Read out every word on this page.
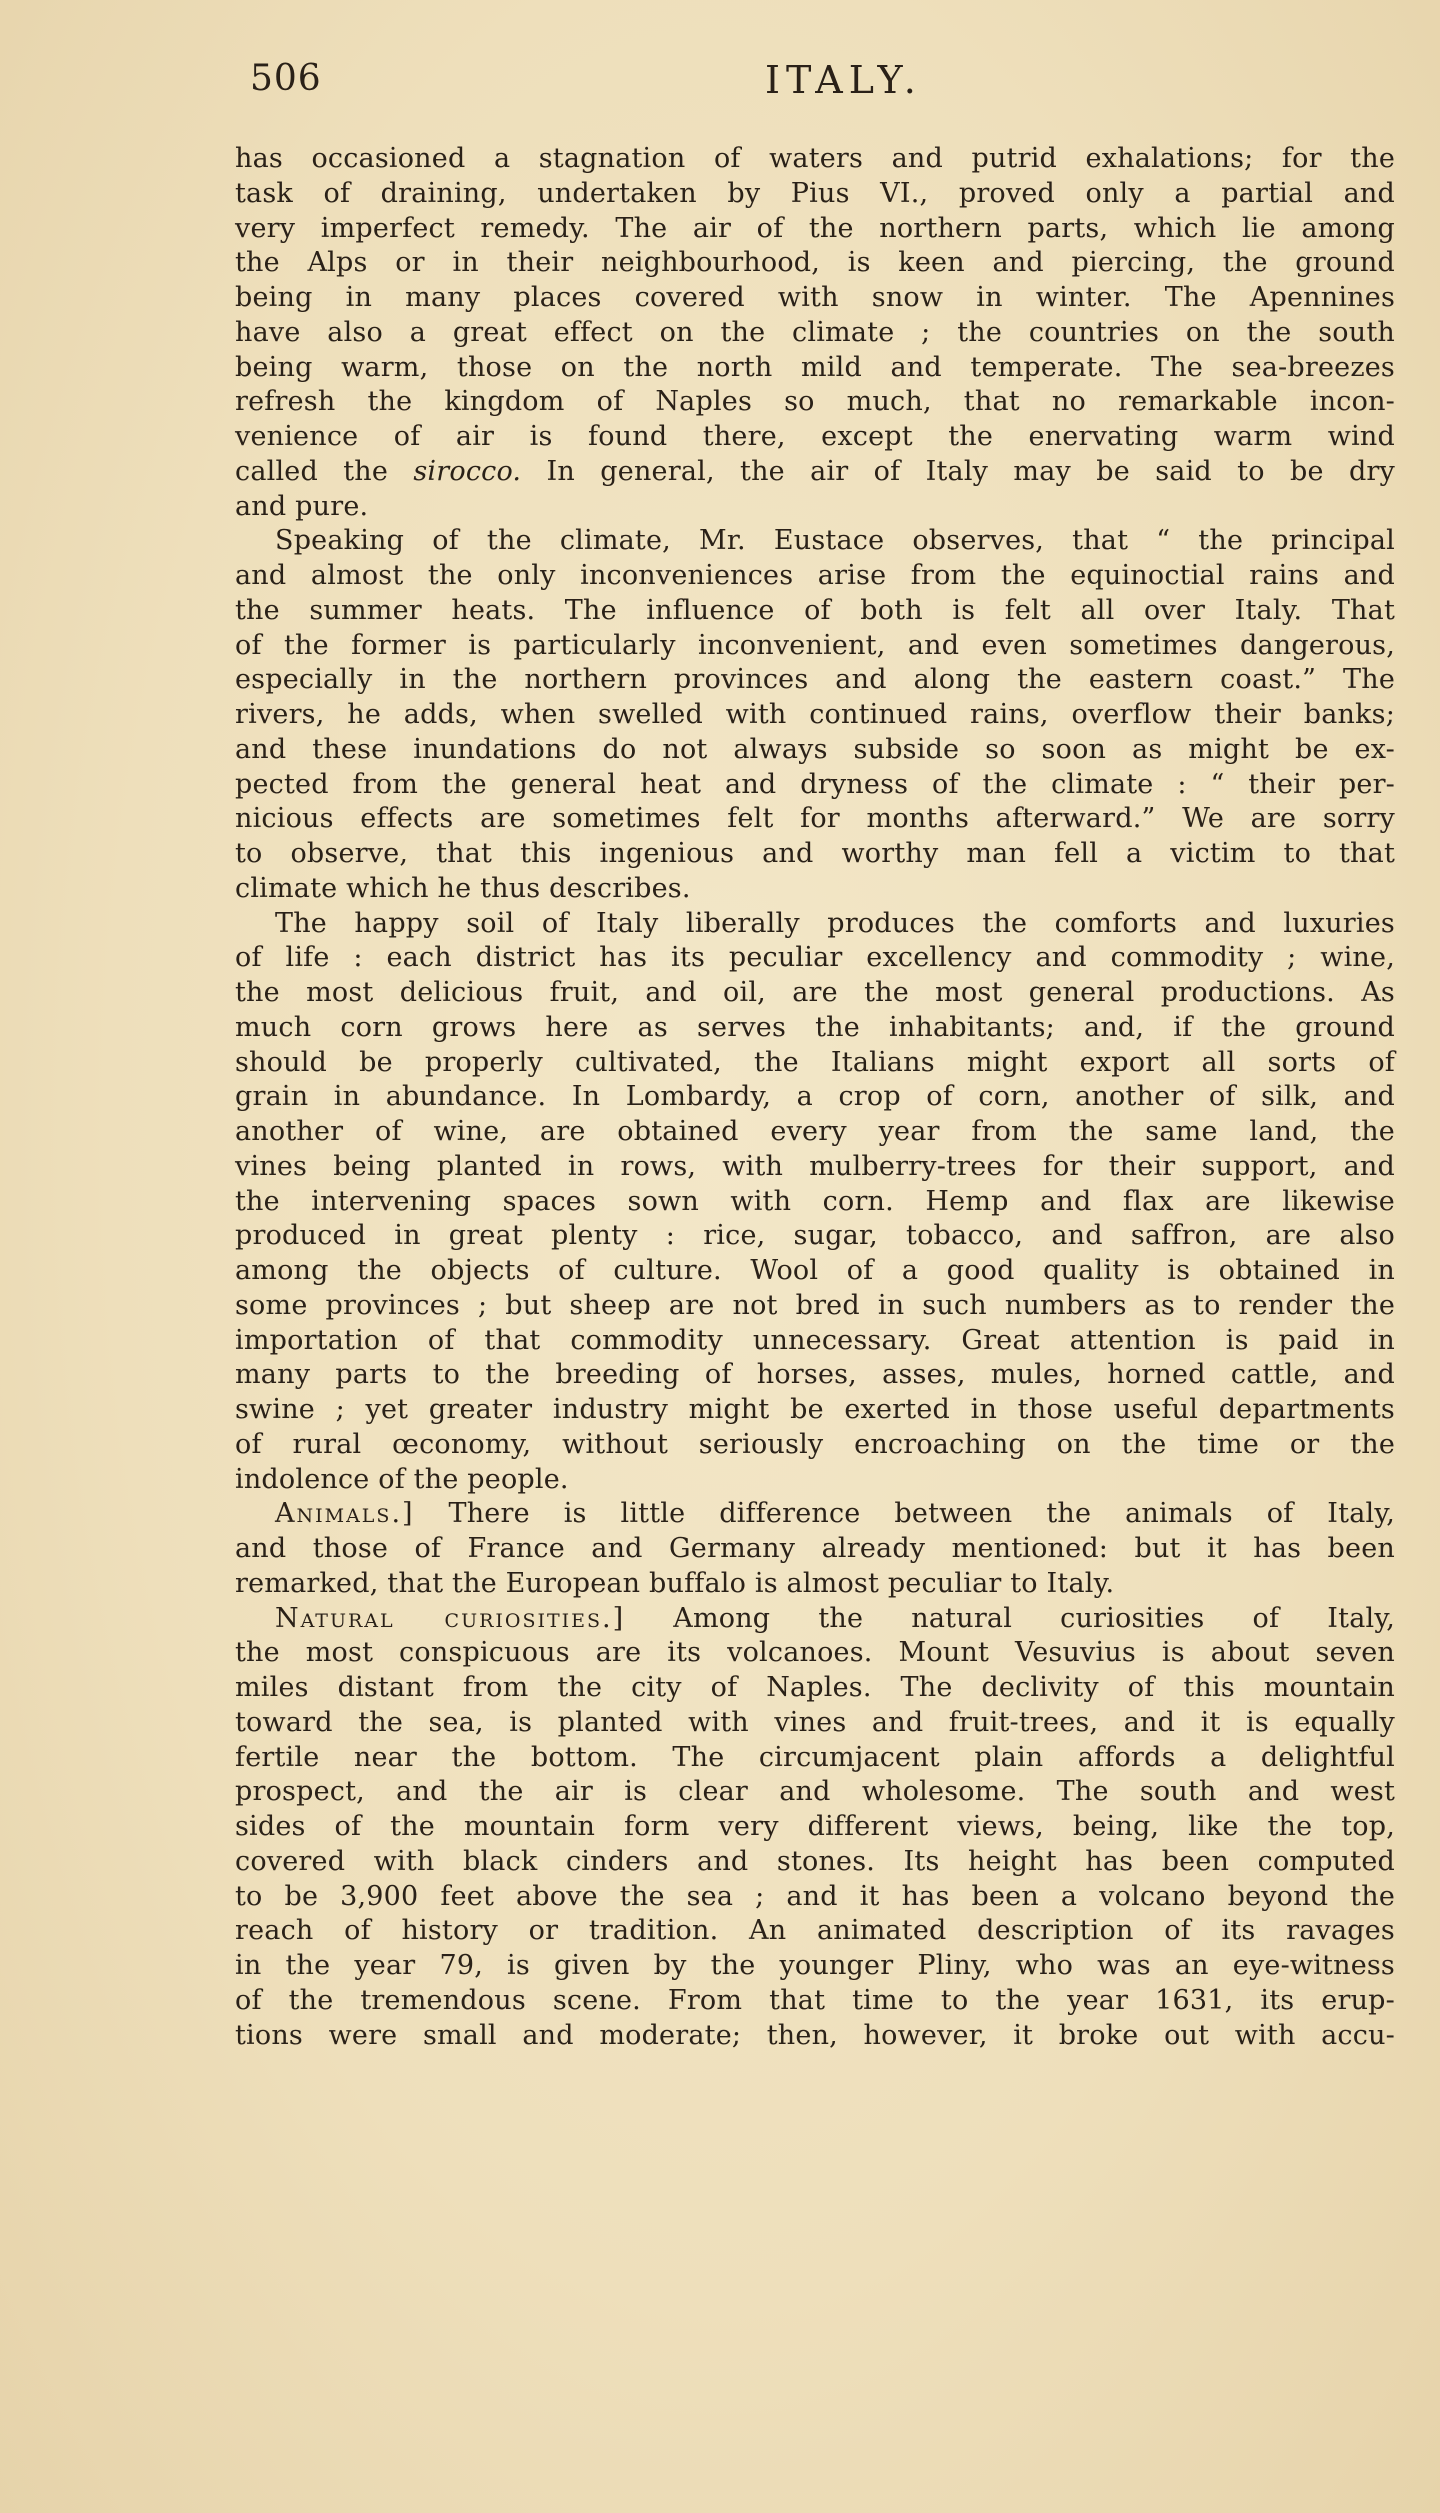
506	ITALY.
has occasioned a stagnation of waters and putrid exhalations; for the
task of draining, undertaken by Pius VI., proved only a partial and
very imperfect remedy. The air of the northern parts, which lie among
the Alps or in their neighbourhood, is keen and piercing, the ground
being in many places covered with snow in winter. The Apennines
have also a great effect on the climate ; the countries on the south
being warm, those on the north mild and temperate. The sea-breezes
refresh the kingdom of Naples so much, that no remarkable incon-
venience of air is found there, except the enervating warm wind
called the sirocco. In general, the air of Italy may be said to be dry
and pure.
Speaking of the climate, Mr. Eustace observes, that “ the principal
and almost the only inconveniences arise from the equinoctial rains and
the summer heats. The influence of both is felt all over Italy. That
of the former is particularly inconvenient, and even sometimes dangerous,
especially in the northern provinces and along the eastern coast.” The
rivers, he adds, when swelled with continued rains, overflow their banks;
and these inundations do not always subside so soon as might be ex-
pected from the general heat and dryness of the climate : “ their per-
nicious effects are sometimes felt for months afterward.” We are sorry
to observe, that this ingenious and worthy man fell a victim to that
climate which he thus describes.
The happy soil of Italy liberally produces the comforts and luxuries
of life : each district has its peculiar excellency and commodity ; wine,
the most delicious fruit, and oil, are the most general productions. As
much corn grows here as serves the inhabitants; and, if the ground
should be properly cultivated, the Italians might export all sorts of
grain in abundance. In Lombardy, a crop of corn, another of silk, and
another of wine, are obtained every year from the same land, the
vines being planted in rows, with mulberry-trees for their support, and
the intervening spaces sown with corn. Hemp and flax are likewise
produced in great plenty : rice, sugar, tobacco, and saffron, are also
among the objects of culture. Wool of a good quality is obtained in
some provinces ; but sheep are not bred in such numbers as to render the
importation of that commodity unnecessary. Great attention is paid in
many parts to the breeding of horses, asses, mules, horned cattle, and
swine ; yet greater industry might be exerted in those useful departments
of rural œconomy, without seriously encroaching on the time or the
indolence of the people.
Animals.] There is little difference between the animals of Italy,
and those of France and Germany already mentioned: but it has been
remarked, that the European buffalo is almost peculiar to Italy.
Natural curiosities.] Among the natural curiosities of Italy,
the most conspicuous are its volcanoes. Mount Vesuvius is about seven
miles distant from the city of Naples. The declivity of this mountain
toward the sea, is planted with vines and fruit-trees, and it is equally
fertile near the bottom. The circumjacent plain affords a delightful
prospect, and the air is clear and wholesome. The south and west
sides of the mountain form very different views, being, like the top,
covered with black cinders and stones. Its height has been computed
to be 3,900 feet above the sea ; and it has been a volcano beyond the
reach of history or tradition. An animated description of its ravages
in the year 79, is given by the younger Pliny, who was an eye-witness
of the tremendous scene. From that time to the year 1631, its erup-
tions were small and moderate; then, however, it broke out with accu-
